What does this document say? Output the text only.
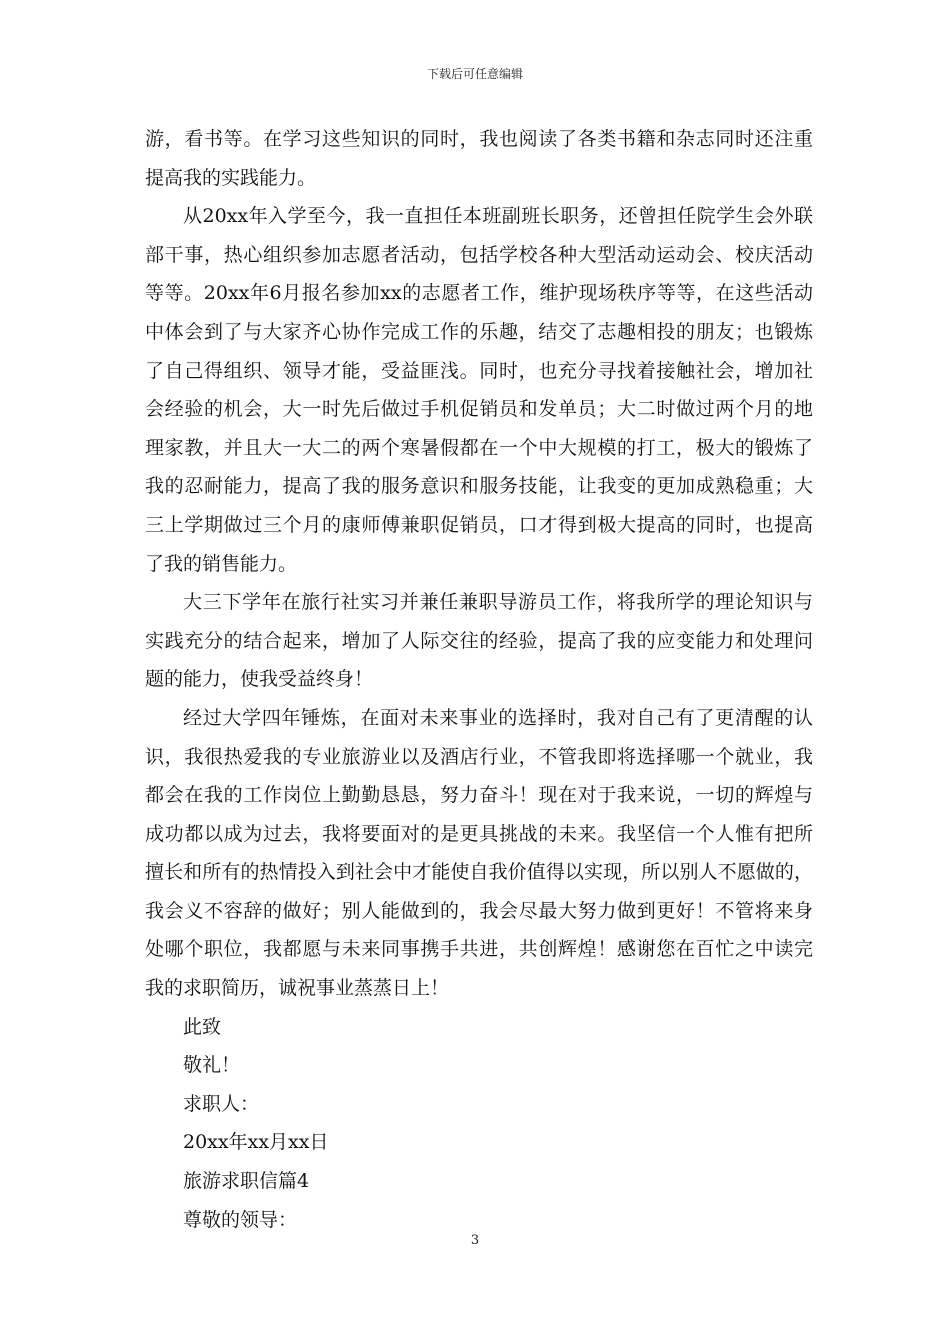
下载后可任意编辑
游，看书等。在学习这些知识的同时，我也阅读了各类书籍和杂志同时还注重
提高我的实践能力。
从20xx年入学至今，我一直担任本班副班长职务，还曾担任院学生会外联
部干事，热心组织参加志愿者活动，包括学校各种大型活动运动会、校庆活动
等等。20xx年6月报名参加xx的志愿者工作，维护现场秩序等等，在这些活动
中体会到了与大家齐心协作完成工作的乐趣，结交了志趣相投的朋友；也锻炼
了自己得组织、领导才能，受益匪浅。同时，也充分寻找着接触社会，增加社
会经验的机会，大一时先后做过手机促销员和发单员；大二时做过两个月的地
理家教，并且大一大二的两个寒暑假都在一个中大规模的打工，极大的锻炼了
我的忍耐能力，提高了我的服务意识和服务技能，让我变的更加成熟稳重；大
三上学期做过三个月的康师傅兼职促销员，口才得到极大提高的同时，也提高
了我的销售能力。
大三下学年在旅行社实习并兼任兼职导游员工作，将我所学的理论知识与
实践充分的结合起来，增加了人际交往的经验，提高了我的应变能力和处理问
题的能力，使我受益终身！
经过大学四年锤炼，在面对未来事业的选择时，我对自己有了更清醒的认
识，我很热爱我的专业旅游业以及酒店行业，不管我即将选择哪一个就业，我
都会在我的工作岗位上勤勤恳恳，努力奋斗！现在对于我来说，一切的辉煌与
成功都以成为过去，我将要面对的是更具挑战的未来。我坚信一个人惟有把所
擅长和所有的热情投入到社会中才能使自我价值得以实现，所以别人不愿做的，
我会义不容辞的做好；别人能做到的，我会尽最大努力做到更好！不管将来身
处哪个职位，我都愿与未来同事携手共进，共创辉煌！感谢您在百忙之中读完
我的求职简历，诚祝事业蒸蒸日上！
此致
敬礼！
求职人：
20xx年xx月xx日
旅游求职信篇4
尊敬的领导：
3
